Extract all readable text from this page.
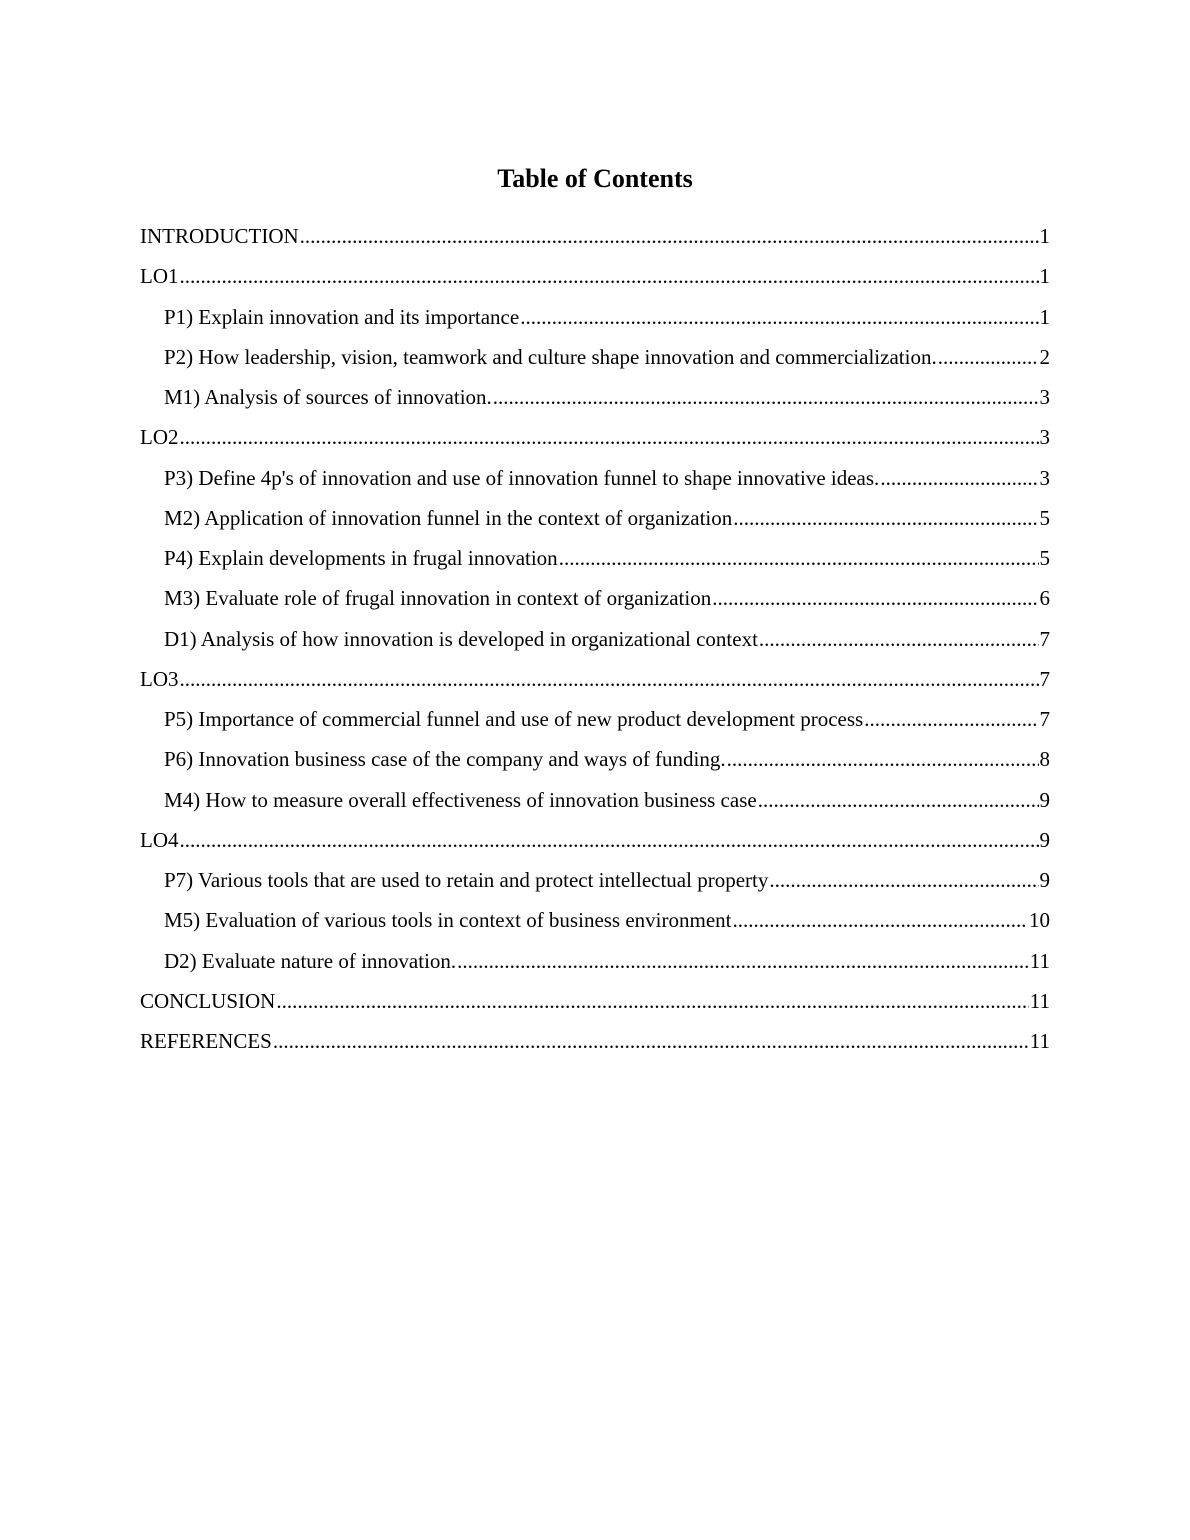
Table of Contents
INTRODUCTION .....	1
LO1 .....	1
P1) Explain innovation and its importance .....	1
P2) How leadership, vision, teamwork and culture shape innovation and commercialization. .....	2
M1) Analysis of sources of innovation. .....	3
LO2 .....	3
P3) Define 4p's of innovation and use of innovation funnel to shape innovative ideas. .....	3
M2) Application of innovation funnel in the context of organization .....	5
P4) Explain developments in frugal innovation .....	5
M3) Evaluate role of frugal innovation in context of organization .....	6
D1) Analysis of how innovation is developed in organizational context .....	7
LO3 .....	7
P5) Importance of commercial funnel and use of new product development process .....	7
P6) Innovation business case of the company and ways of funding. .....	8
M4) How to measure overall effectiveness of innovation business case .....	9
LO4 .....	9
P7) Various tools that are used to retain and protect intellectual property .....	9
M5) Evaluation of various tools in context of business environment .....	10
D2) Evaluate nature of innovation. .....	11
CONCLUSION .....	11
REFERENCES .....	11
